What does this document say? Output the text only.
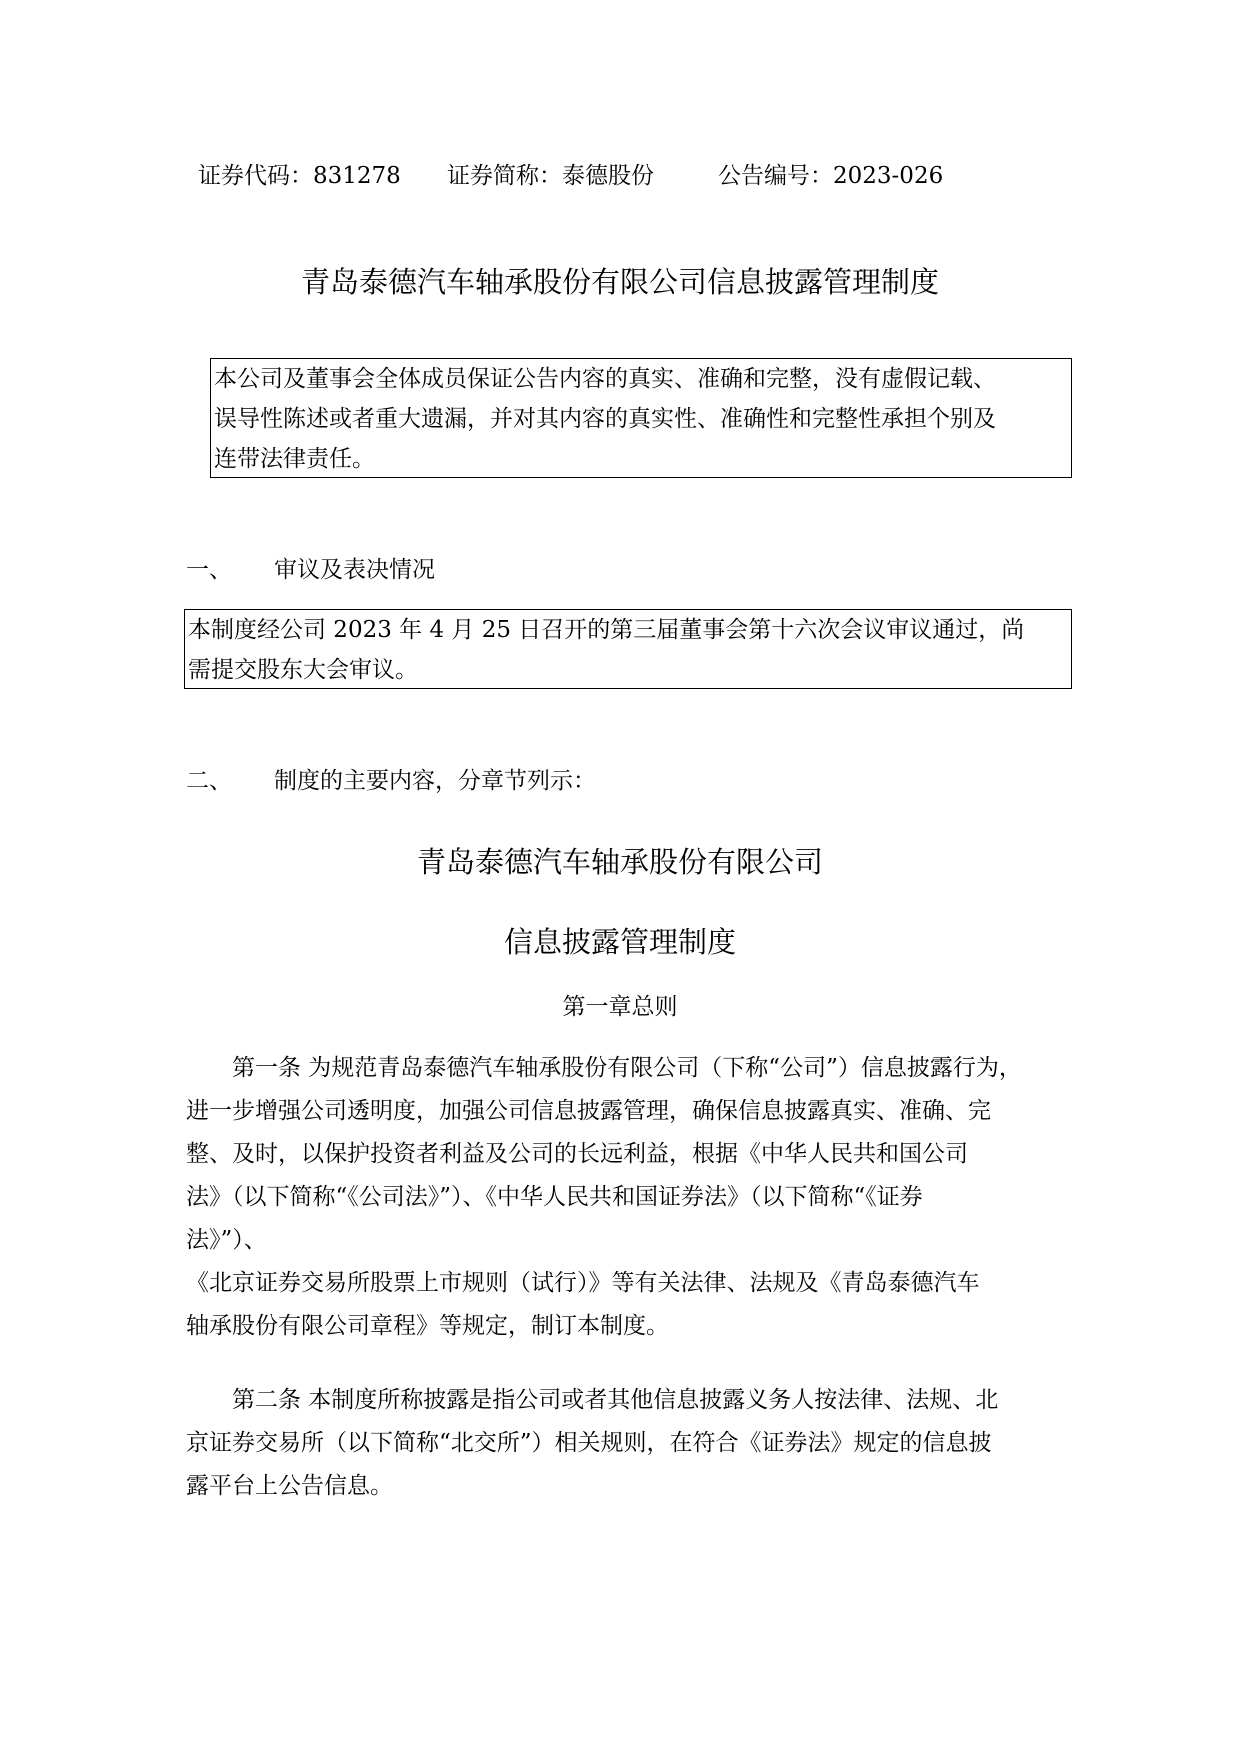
证券代码：831278 证券简称：泰德股份	公告编号：2023-026
青岛泰德汽车轴承股份有限公司信息披露管理制度

本公司及董事会全体成员保证公告内容的真实、准确和完整，没有虚假记载、

误导性陈述或者重大遗漏，并对其内容的真实性、准确性和完整性承担个别及

连带法律责任。

一、 审议及表决情况

本制度经公司 2023 年 4 月 25 日召开的第三届董事会第十六次会议审议通过，尚

需提交股东大会审议。

二、 制度的主要内容，分章节列示：
青岛泰德汽车轴承股份有限公司
信息披露管理制度
第一章总则
第一条 为规范青岛泰德汽车轴承股份有限公司（下称“公司”）信息披露行为，
进一步增强公司透明度，加强公司信息披露管理，确保信息披露真实、准确、完
整、及时，以保护投资者利益及公司的长远利益，根据《中华人民共和国公司
法》（以下简称“《公司法》”）、《中华人民共和国证券法》（以下简称“《证券
法》”）、
《北京证券交易所股票上市规则（试行）》等有关法律、法规及《青岛泰德汽车
轴承股份有限公司章程》等规定，制订本制度。
第二条 本制度所称披露是指公司或者其他信息披露义务人按法律、法规、北
京证券交易所（以下简称“北交所”）相关规则，在符合《证券法》规定的信息披
露平台上公告信息。
